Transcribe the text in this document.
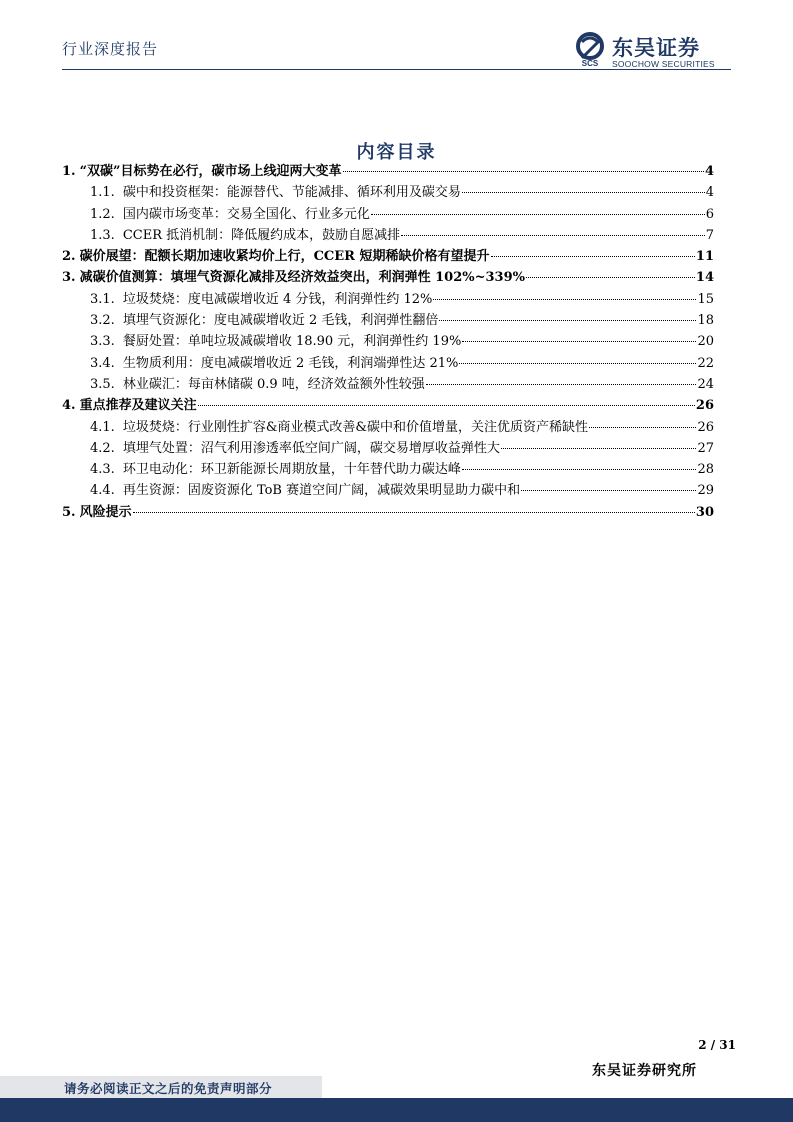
行业深度报告
SCS
东吴证券
SOOCHOW SECURITIES
内容目录
1. “双碳”目标势在必行，碳市场上线迎两大变革	4
1.1. 碳中和投资框架：能源替代、节能减排、循环利用及碳交易	4
1.2. 国内碳市场变革：交易全国化、行业多元化	6
1.3. CCER 抵消机制：降低履约成本，鼓励自愿减排	7
2. 碳价展望：配额长期加速收紧均价上行，CCER 短期稀缺价格有望提升	11
3. 减碳价值测算：填埋气资源化减排及经济效益突出，利润弹性 102%~339%	14
3.1. 垃圾焚烧：度电减碳增收近 4 分钱，利润弹性约 12%	15
3.2. 填埋气资源化：度电减碳增收近 2 毛钱，利润弹性翻倍	18
3.3. 餐厨处置：单吨垃圾减碳增收 18.90 元，利润弹性约 19%	20
3.4. 生物质利用：度电减碳增收近 2 毛钱，利润端弹性达 21%	22
3.5. 林业碳汇：每亩林储碳 0.9 吨，经济效益额外性较强	24
4. 重点推荐及建议关注	26
4.1. 垃圾焚烧：行业刚性扩容&商业模式改善&碳中和价值增量，关注优质资产稀缺性	26
4.2. 填埋气处置：沼气利用渗透率低空间广阔，碳交易增厚收益弹性大	27
4.3. 环卫电动化：环卫新能源长周期放量，十年替代助力碳达峰	28
4.4. 再生资源：固废资源化 ToB 赛道空间广阔，减碳效果明显助力碳中和	29
5. 风险提示	30
2 / 31
东吴证券研究所
请务必阅读正文之后的免责声明部分
